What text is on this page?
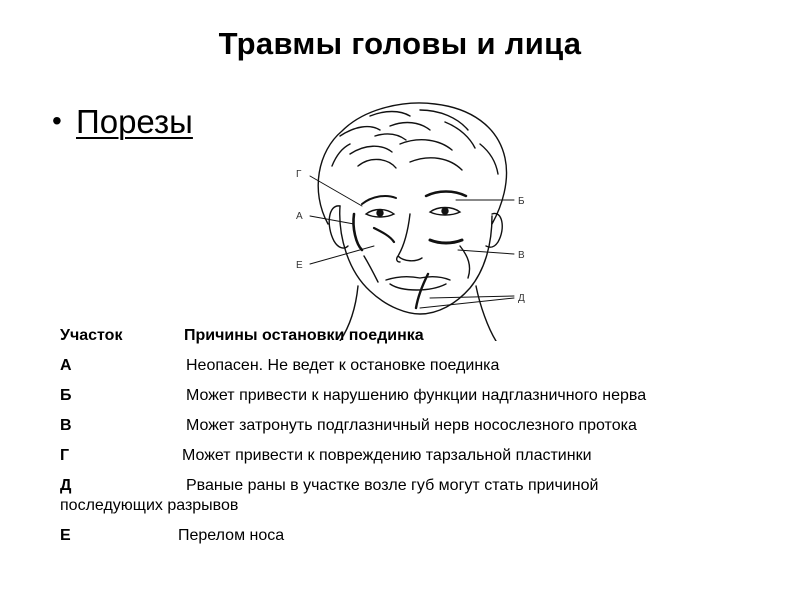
Травмы головы и лица
• Порезы
Г
А
Е
Б
В
Д
Участок	Причины остановки поединка
А	Неопасен. Не ведет к остановке поединка
Б	Может привести к нарушению функции надглазничного нерва
В	Может затронуть подглазничный нерв носослезного протока
Г	Может привести к повреждению тарзальной пластинки
Д	Рваные раны в участке возле губ могут стать причиной
последующих разрывов
Е	Перелом носа
